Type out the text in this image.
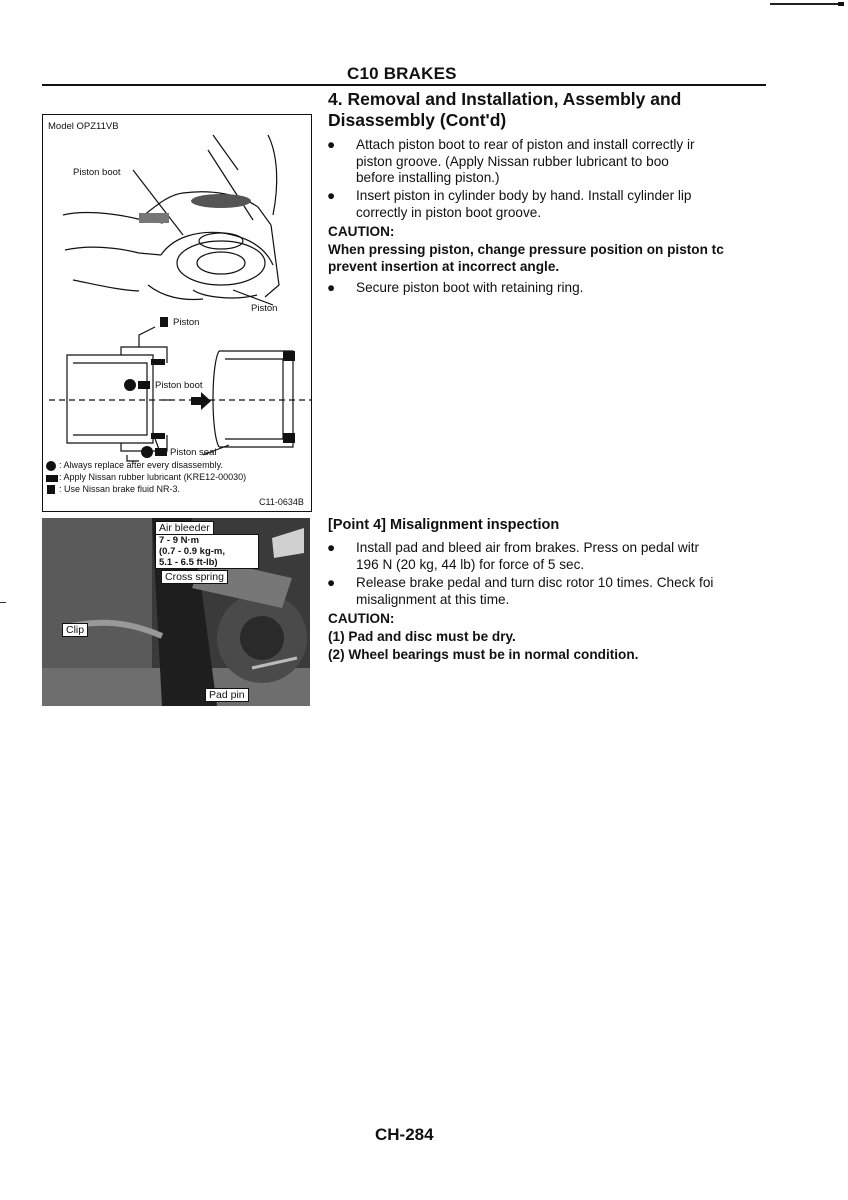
C10 BRAKES
4. Removal and Installation, Assembly and
Disassembly (Cont'd)
● Attach piston boot to rear of piston and install correctly ir
piston groove. (Apply Nissan rubber lubricant to boo
before installing piston.)
● Insert piston in cylinder body by hand. Install cylinder lip
correctly in piston boot groove.
CAUTION:
When pressing piston, change pressure position on piston tc
prevent insertion at incorrect angle.
● Secure piston boot with retaining ring.
Model OPZ11VB
Piston boot
Piston
Piston
Piston boot
Piston seal
: Always replace after every disassembly.
: Apply Nissan rubber lubricant (KRE12-00030)
: Use Nissan brake fluid NR-3.
C11-0634B
Air bleeder
7 - 9 N·m
(0.7 - 0.9 kg-m,
5.1 - 6.5 ft-lb)
Cross spring
Clip
Pad pin
[Point 4] Misalignment inspection
● Install pad and bleed air from brakes. Press on pedal witr
196 N (20 kg, 44 lb) for force of 5 sec.
● Release brake pedal and turn disc rotor 10 times. Check foi
misalignment at this time.
CAUTION:
(1) Pad and disc must be dry.
(2) Wheel bearings must be in normal condition.
CH-284
